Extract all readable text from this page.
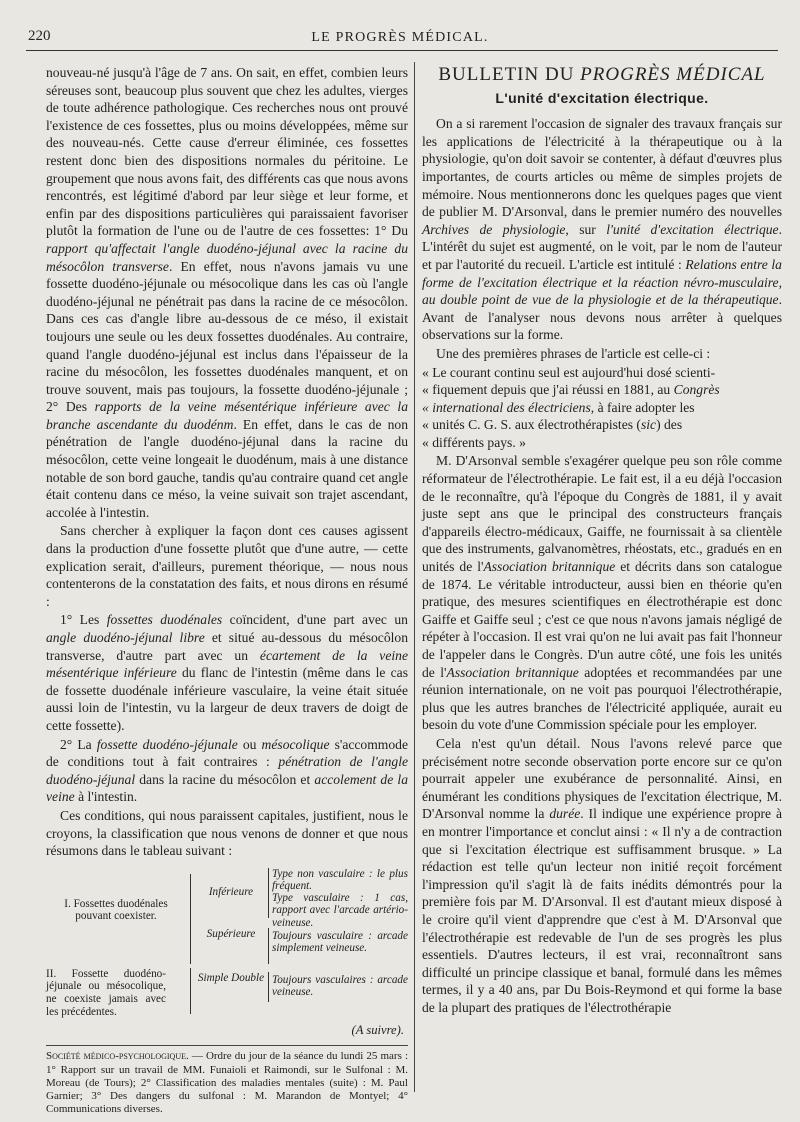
220	LE PROGRÈS MÉDICAL.

nouveau-né jusqu'à l'âge de 7 ans. On sait, en effet, combien leurs séreuses sont, beaucoup plus souvent que chez les adultes, vierges de toute adhérence pathologique. Ces recherches nous ont prouvé l'existence de ces fossettes, plus ou moins développées, même sur des nouveau-nés. Cette cause d'erreur éliminée, ces fossettes restent donc bien des dispositions normales du péritoine. Le groupement que nous avons fait, des différents cas que nous avons rencontrés, est légitimé d'abord par leur siège et leur forme, et enfin par des dispositions particulières qui paraissaient favoriser plutôt la formation de l'une ou de l'autre de ces fossettes: 1° Du rapport qu'affectait l'angle duodéno-jéjunal avec la racine du mésocôlon transverse. En effet, nous n'avons jamais vu une fossette duodéno-jéjunale ou mésocolique dans les cas où l'angle duodéno-jéjunal ne pénétrait pas dans la racine de ce mésocôlon. Dans ces cas d'angle libre au-dessous de ce méso, il existait toujours une seule ou les deux fossettes duodénales. Au contraire, quand l'angle duodéno-jéjunal est inclus dans l'épaisseur de la racine du mésocôlon, les fossettes duodénales manquent, et on trouve souvent, mais pas toujours, la fossette duodéno-jéjunale ; 2° Des rapports de la veine mésentérique inférieure avec la branche ascendante du duodénm. En effet, dans le cas de non pénétration de l'angle duodéno-jéjunal dans la racine du mésocôlon, cette veine longeait le duodénum, mais à une distance notable de son bord gauche, tandis qu'au contraire quand cet angle était contenu dans ce méso, la veine suivait son trajet ascendant, accolée à l'intestin.

Sans chercher à expliquer la façon dont ces causes agissent dans la production d'une fossette plutôt que d'une autre, — cette explication serait, d'ailleurs, purement théorique, — nous nous contenterons de la constatation des faits, et nous dirons en résumé :

1° Les fossettes duodénales coïncident, d'une part avec un angle duodéno-jéjunal libre et situé au-dessous du mésocôlon transverse, d'autre part avec un écartement de la veine mésentérique inférieure du flanc de l'intestin (même dans le cas de fossette duodénale inférieure vasculaire, la veine était située aussi loin de l'intestin, vu la largeur de deux travers de doigt de cette fossette).

2° La fossette duodéno-jéjunale ou mésocolique s'accommode de conditions tout à fait contraires : pénétration de l'angle duodéno-jéjunal dans la racine du mésocôlon et accolement de la veine à l'intestin.

Ces conditions, qui nous paraissent capitales, justifient, nous le croyons, la classification que nous venons de donner et que nous résumons dans le tableau suivant :

I. Fossettes duodénales pouvant coexister.
Inférieure
Supérieure
Type non vasculaire : le plus fréquent.
Type vasculaire : 1 cas, rapport avec l'arcade artério-veineuse.
Toujours vasculaire : arcade simplement veineuse.
II. Fossette duodéno-jéjunale ou mésocolique, ne coexiste jamais avec les précédentes.
Simple Double Toujours vasculaires : arcade veineuse.
(A suivre).
Société médico-psychologique. — Ordre du jour de la séance du lundi 25 mars : 1° Rapport sur un travail de MM. Funaioli et Raimondi, sur le Sulfonal : M. Moreau (de Tours); 2° Classification des maladies mentales (suite) : M. Paul Garnier; 3° Des dangers du sulfonal : M. Marandon de Montyel; 4° Communications diverses.
BULLETIN DU PROGRÈS MÉDICAL
L'unité d'excitation électrique.

On a si rarement l'occasion de signaler des travaux français sur les applications de l'électricité à la thérapeutique ou à la physiologie, qu'on doit savoir se contenter, à défaut d'œuvres plus importantes, de courts articles ou même de simples projets de mémoire. Nous mentionnerons donc les quelques pages que vient de publier M. D'Arsonval, dans le premier numéro des nouvelles Archives de physiologie, sur l'unité d'excitation électrique. L'intérêt du sujet est augmenté, on le voit, par le nom de l'auteur et par l'autorité du recueil. L'article est intitulé : Relations entre la forme de l'excitation électrique et la réaction névro-musculaire, au double point de vue de la physiologie et de la thérapeutique. Avant de l'analyser nous devons nous arrêter à quelques observations sur la forme.

Une des premières phrases de l'article est celle-ci :

« Le courant continu seul est aujourd'hui dosé scienti-
« fiquement depuis que j'ai réussi en 1881, au Congrès
« international des électriciens, à faire adopter les
« unités C. G. S. aux électrothérapistes (sic) des
« différents pays. »

M. D'Arsonval semble s'exagérer quelque peu son rôle comme réformateur de l'électrothérapie. Le fait est, il a eu déjà l'occasion de le reconnaître, qu'à l'époque du Congrès de 1881, il y avait juste sept ans que le principal des constructeurs français d'appareils électro-médicaux, Gaiffe, ne fournissait à sa clientèle que des instruments, galvanomètres, rhéostats, etc., gradués en en unités de l'Association britannique et décrits dans son catalogue de 1874. Le véritable introducteur, aussi bien en théorie qu'en pratique, des mesures scientifiques en électrothérapie est donc Gaiffe et Gaiffe seul ; c'est ce que nous n'avons jamais négligé de répéter à l'occasion. Il est vrai qu'on ne lui avait pas fait l'honneur de l'appeler dans le Congrès. D'un autre côté, une fois les unités de l'Association britannique adoptées et recommandées par une réunion internationale, on ne voit pas pourquoi l'électrothérapie, plus que les autres branches de l'électricité appliquée, aurait eu besoin du vote d'une Commission spéciale pour les employer.

Cela n'est qu'un détail. Nous l'avons relevé parce que précisément notre seconde observation porte encore sur ce qu'on pourrait appeler une exubérance de personnalité. Ainsi, en énumérant les conditions physiques de l'excitation électrique, M. D'Arsonval nomme la durée. Il indique une expérience propre à en montrer l'importance et conclut ainsi : « Il n'y a de contraction que si l'excitation électrique est suffisamment brusque. » La rédaction est telle qu'un lecteur non initié reçoit forcément l'impression qu'il s'agit là de faits inédits démontrés pour la première fois par M. D'Arsonval. Il est d'autant mieux disposé à le croire qu'il vient d'apprendre que c'est à M. D'Arsonval que l'électrothérapie est redevable de l'un de ses progrès les plus essentiels. D'autres lecteurs, il est vrai, reconnaîtront sans difficulté un principe classique et banal, formulé dans les mêmes termes, il y a 40 ans, par Du Bois-Reymond et qui forme la base de la plupart des pratiques de l'électrothérapie
